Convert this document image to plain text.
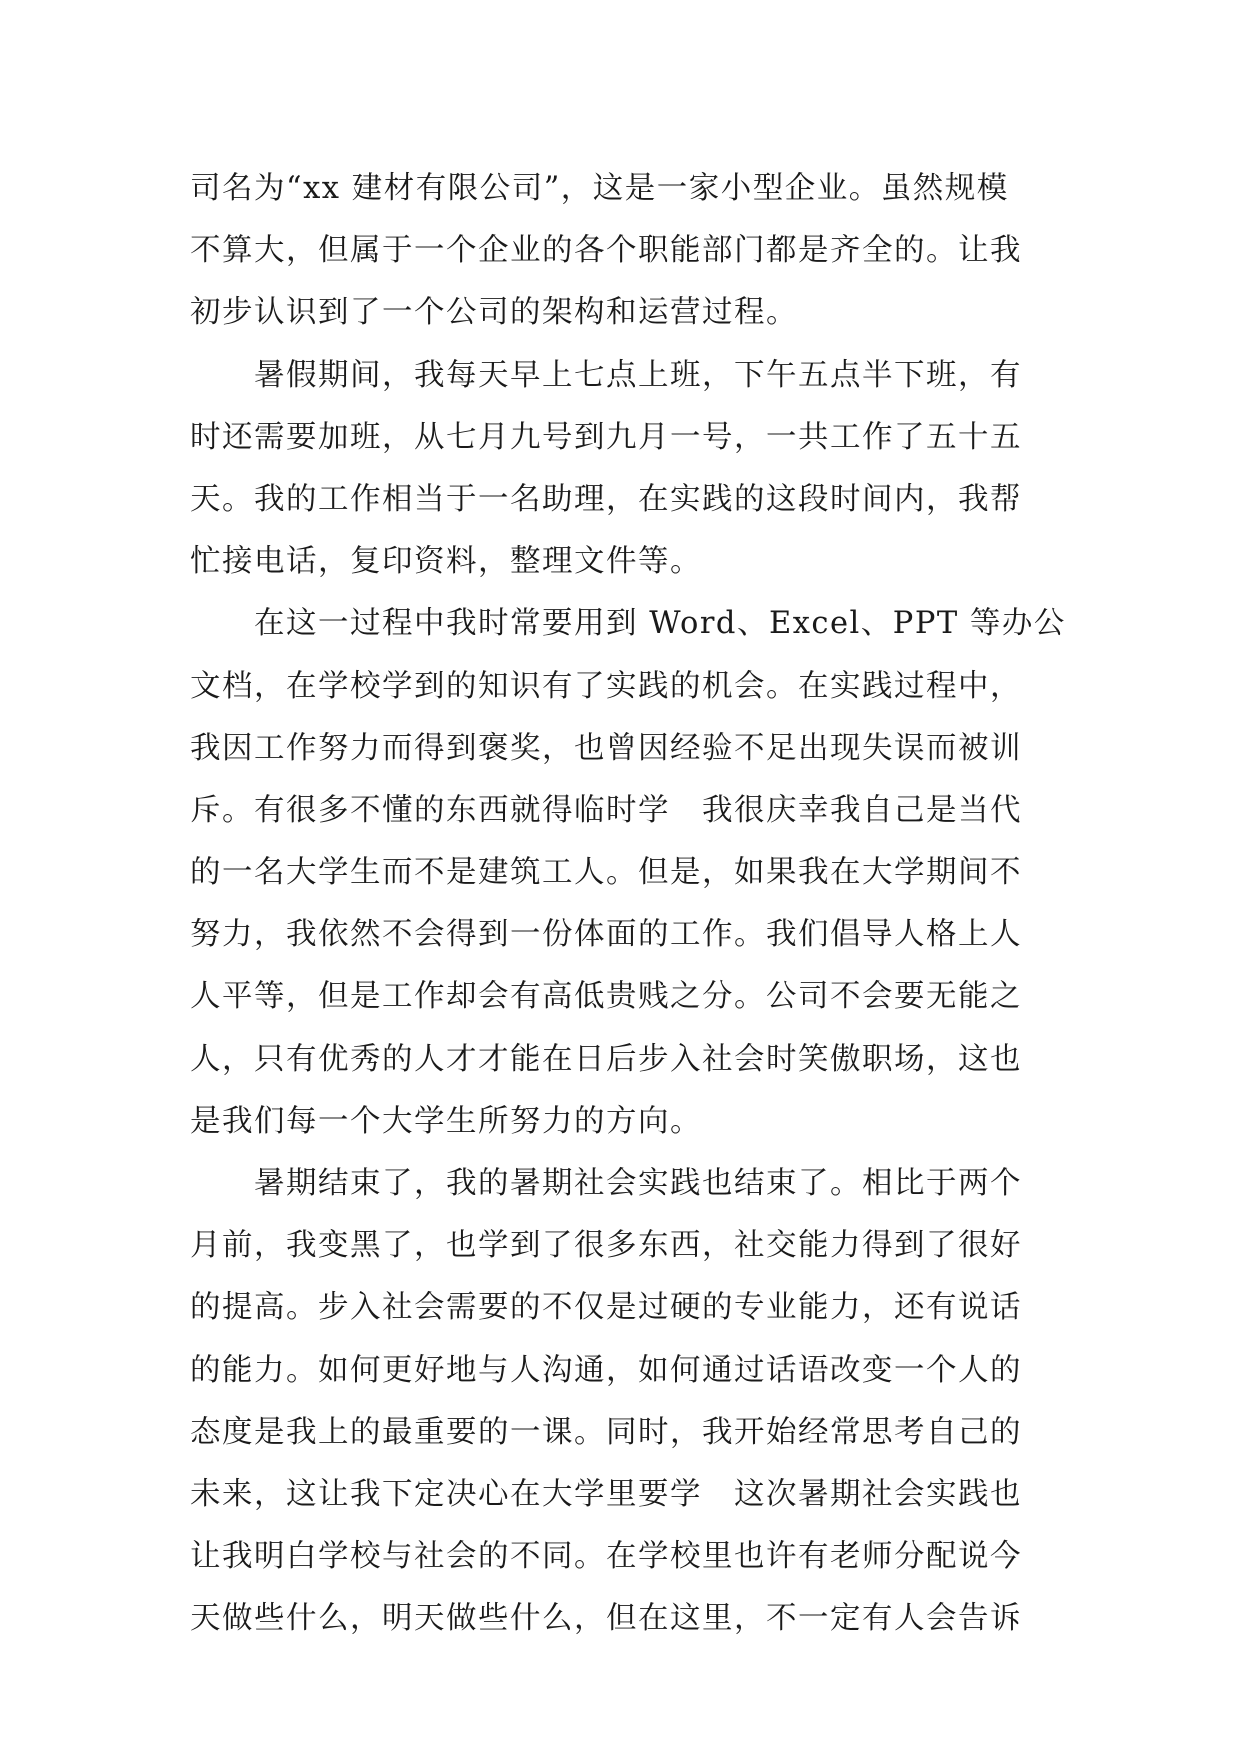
司名为“xx 建材有限公司”，这是一家小型企业。虽然规模
不算大，但属于一个企业的各个职能部门都是齐全的。让我
初步认识到了一个公司的架构和运营过程。
　　暑假期间，我每天早上七点上班，下午五点半下班，有
时还需要加班，从七月九号到九月一号，一共工作了五十五
天。我的工作相当于一名助理，在实践的这段时间内，我帮
忙接电话，复印资料，整理文件等。
　　在这一过程中我时常要用到 Word、Excel、PPT 等办公
文档，在学校学到的知识有了实践的机会。在实践过程中，
我因工作努力而得到褒奖，也曾因经验不足出现失误而被训
斥。有很多不懂的东西就得临时学　我很庆幸我自己是当代
的一名大学生而不是建筑工人。但是，如果我在大学期间不
努力，我依然不会得到一份体面的工作。我们倡导人格上人
人平等，但是工作却会有高低贵贱之分。公司不会要无能之
人，只有优秀的人才才能在日后步入社会时笑傲职场，这也
是我们每一个大学生所努力的方向。
　　暑期结束了，我的暑期社会实践也结束了。相比于两个
月前，我变黑了，也学到了很多东西，社交能力得到了很好
的提高。步入社会需要的不仅是过硬的专业能力，还有说话
的能力。如何更好地与人沟通，如何通过话语改变一个人的
态度是我上的最重要的一课。同时，我开始经常思考自己的
未来，这让我下定决心在大学里要学　这次暑期社会实践也
让我明白学校与社会的不同。在学校里也许有老师分配说今
天做些什么，明天做些什么，但在这里，不一定有人会告诉
